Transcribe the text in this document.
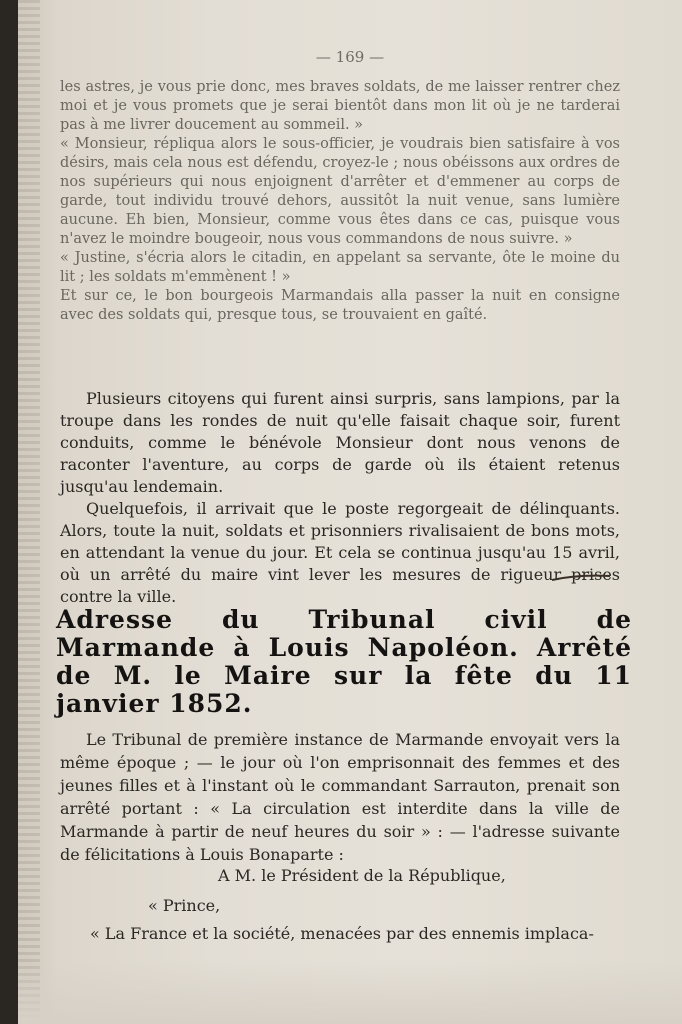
— 169 —

les astres, je vous prie donc, mes braves soldats, de me laisser rentrer chez moi et je vous promets que je serai bientôt dans mon lit où je ne tarderai pas à me livrer doucement au sommeil. »

« Monsieur, répliqua alors le sous-officier, je voudrais bien satisfaire à vos désirs, mais cela nous est défendu, croyez-le ; nous obéissons aux ordres de nos supérieurs qui nous enjoignent d'arrêter et d'emmener au corps de garde, tout individu trouvé dehors, aussitôt la nuit venue, sans lumière aucune. Eh bien, Monsieur, comme vous êtes dans ce cas, puisque vous n'avez le moindre bougeoir, nous vous commandons de nous suivre. »

« Justine, s'écria alors le citadin, en appelant sa servante, ôte le moine du lit ; les soldats m'emmènent ! »

Et sur ce, le bon bourgeois Marmandais alla passer la nuit en consigne avec des soldats qui, presque tous, se trouvaient en gaîté.

Plusieurs citoyens qui furent ainsi surpris, sans lampions, par la troupe dans les rondes de nuit qu'elle faisait chaque soir, furent conduits, comme le bénévole Monsieur dont nous venons de raconter l'aventure, au corps de garde où ils étaient retenus jusqu'au lendemain.

Quelquefois, il arrivait que le poste regorgeait de délinquants. Alors, toute la nuit, soldats et prisonniers rivalisaient de bons mots, en attendant la venue du jour. Et cela se continua jusqu'au 15 avril, où un arrêté du maire vint lever les mesures de rigueur prises contre la ville.

Adresse du Tribunal civil de Marmande à Louis Napoléon. Arrêté de M. le Maire sur la fête du 11 janvier 1852.

Le Tribunal de première instance de Marmande envoyait vers la même époque ; — le jour où l'on emprisonnait des femmes et des jeunes filles et à l'instant où le commandant Sarrauton, prenait son arrêté portant : « La circulation est interdite dans la ville de Marmande à partir de neuf heures du soir » : — l'adresse suivante de félicitations à Louis Bonaparte :

A M. le Président de la République,
« Prince,
« La France et la société, menacées par des ennemis implaca-
